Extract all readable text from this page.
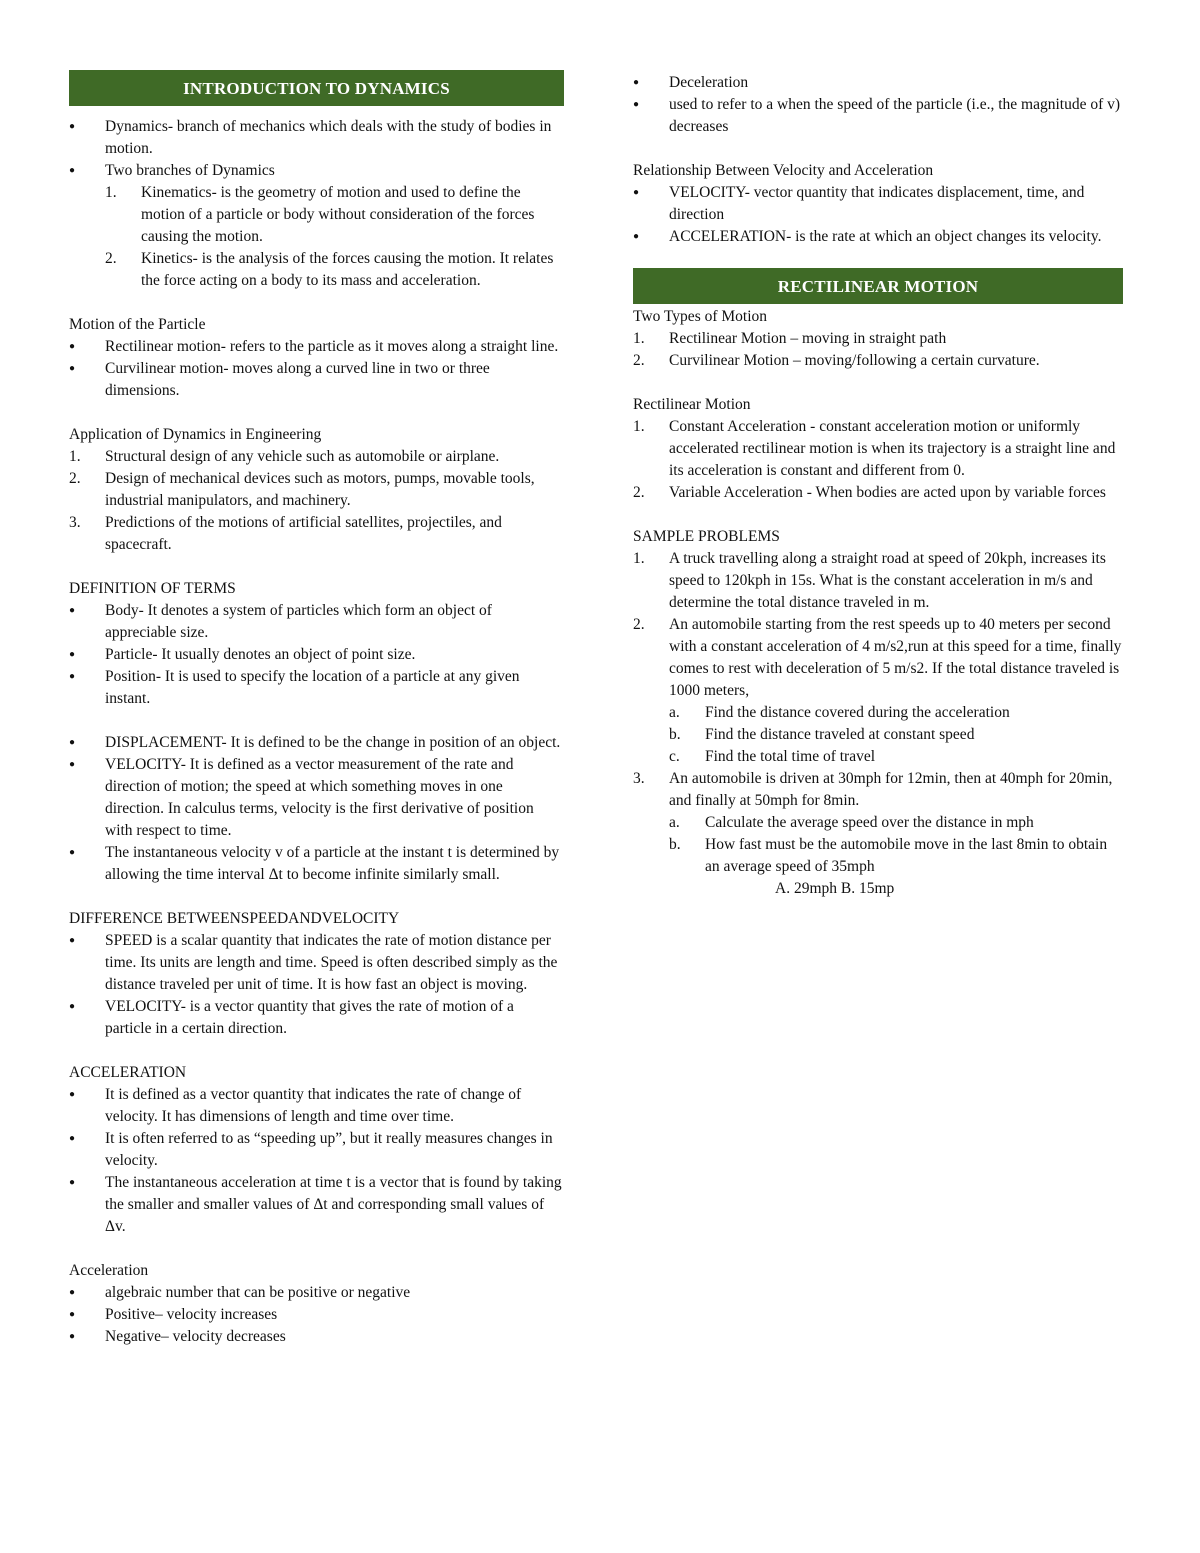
INTRODUCTION TO DYNAMICS
● Dynamics- branch of mechanics which deals with the study of bodies in motion.
● Two branches of Dynamics
1. Kinematics- is the geometry of motion and used to define the motion of a particle or body without consideration of the forces causing the motion.
2. Kinetics- is the analysis of the forces causing the motion. It relates the force acting on a body to its mass and acceleration.

Motion of the Particle

● Rectilinear motion- refers to the particle as it moves along a straight line.
● Curvilinear motion- moves along a curved line in two or three dimensions.

Application of Dynamics in Engineering

1. Structural design of any vehicle such as automobile or airplane.
2. Design of mechanical devices such as motors, pumps, movable tools, industrial manipulators, and machinery.
3. Predictions of the motions of artificial satellites, projectiles, and spacecraft.

DEFINITION OF TERMS

● Body- It denotes a system of particles which form an object of appreciable size.
● Particle- It usually denotes an object of point size.
● Position- It is used to specify the location of a particle at any given instant.
● DISPLACEMENT- It is defined to be the change in position of an object.
● VELOCITY- It is defined as a vector measurement of the rate and direction of motion; the speed at which something moves in one direction. In calculus terms, velocity is the first derivative of position with respect to time.
● The instantaneous velocity v of a particle at the instant t is determined by allowing the time interval Δt to become infinite similarly small.

DIFFERENCE BETWEENSPEEDANDVELOCITY

● SPEED is a scalar quantity that indicates the rate of motion distance per time. Its units are length and time. Speed is often described simply as the distance traveled per unit of time. It is how fast an object is moving.
● VELOCITY- is a vector quantity that gives the rate of motion of a particle in a certain direction.

ACCELERATION

● It is defined as a vector quantity that indicates the rate of change of velocity. It has dimensions of length and time over time.
● It is often referred to as “speeding up”, but it really measures changes in velocity.
● The instantaneous acceleration at time t is a vector that is found by taking the smaller and smaller values of Δt and corresponding small values of Δv.

Acceleration

● algebraic number that can be positive or negative
● Positive– velocity increases
● Negative– velocity decreases
● Deceleration
● used to refer to a when the speed of the particle (i.e., the magnitude of v) decreases

Relationship Between Velocity and Acceleration

● VELOCITY- vector quantity that indicates displacement, time, and direction
● ACCELERATION- is the rate at which an object changes its velocity.
RECTILINEAR MOTION

Two Types of Motion

1. Rectilinear Motion – moving in straight path
2. Curvilinear Motion – moving/following a certain curvature.

Rectilinear Motion

1. Constant Acceleration - constant acceleration motion or uniformly accelerated rectilinear motion is when its trajectory is a straight line and its acceleration is constant and different from 0.
2. Variable Acceleration - When bodies are acted upon by variable forces

SAMPLE PROBLEMS

1. A truck travelling along a straight road at speed of 20kph, increases its speed to 120kph in 15s. What is the constant acceleration in m/s and determine the total distance traveled in m.
2. An automobile starting from the rest speeds up to 40 meters per second with a constant acceleration of 4 m/s2,run at this speed for a time, finally comes to rest with deceleration of 5 m/s2. If the total distance traveled is 1000 meters,
a. Find the distance covered during the acceleration
b. Find the distance traveled at constant speed
c. Find the total time of travel
3. An automobile is driven at 30mph for 12min, then at 40mph for 20min, and finally at 50mph for 8min.
a. Calculate the average speed over the distance in mph
b. How fast must be the automobile move in the last 8min to obtain an average speed of 35mph
A. 29mph B. 15mp
